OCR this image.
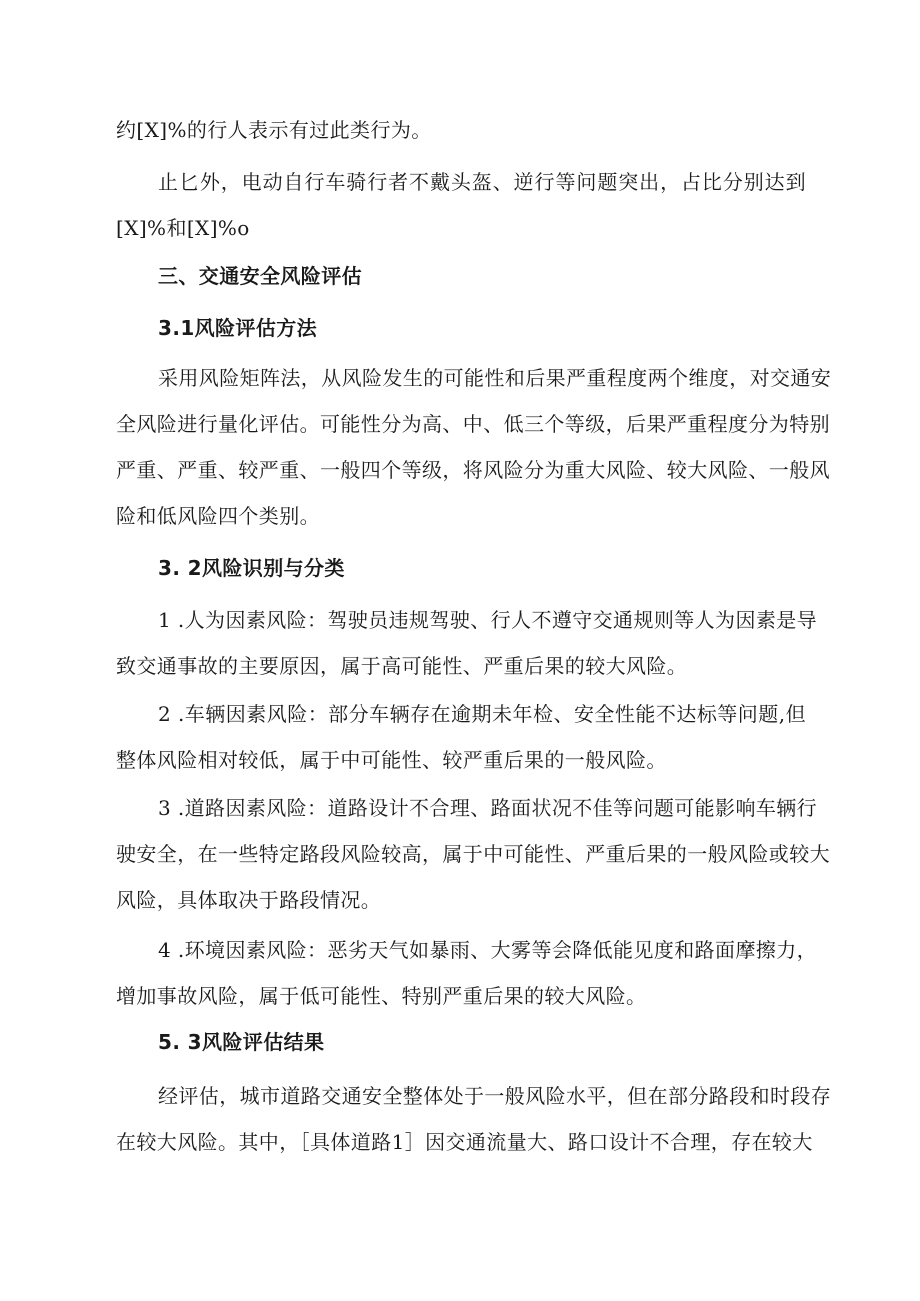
约[X]%的行人表示有过此类行为。

止匕外，电动自行车骑行者不戴头盔、逆行等问题突出，占比分别达到
[X]%和[X]%o

三、交通安全风险评估

3.1风险评估方法

采用风险矩阵法，从风险发生的可能性和后果严重程度两个维度，对交通安
全风险进行量化评估。可能性分为高、中、低三个等级，后果严重程度分为特别
严重、严重、较严重、一般四个等级，将风险分为重大风险、较大风险、一般风
险和低风险四个类别。

3. 2风险识别与分类

1 .人为因素风险：驾驶员违规驾驶、行人不遵守交通规则等人为因素是导
致交通事故的主要原因，属于高可能性、严重后果的较大风险。

2 .车辆因素风险：部分车辆存在逾期未年检、安全性能不达标等问题,但
整体风险相对较低，属于中可能性、较严重后果的一般风险。

3 .道路因素风险：道路设计不合理、路面状况不佳等问题可能影响车辆行
驶安全，在一些特定路段风险较高，属于中可能性、严重后果的一般风险或较大
风险，具体取决于路段情况。

4 .环境因素风险：恶劣天气如暴雨、大雾等会降低能见度和路面摩擦力，
增加事故风险，属于低可能性、特别严重后果的较大风险。

5. 3风险评估结果

经评估，城市道路交通安全整体处于一般风险水平，但在部分路段和时段存
在较大风险。其中，［具体道路1］因交通流量大、路口设计不合理，存在较大
